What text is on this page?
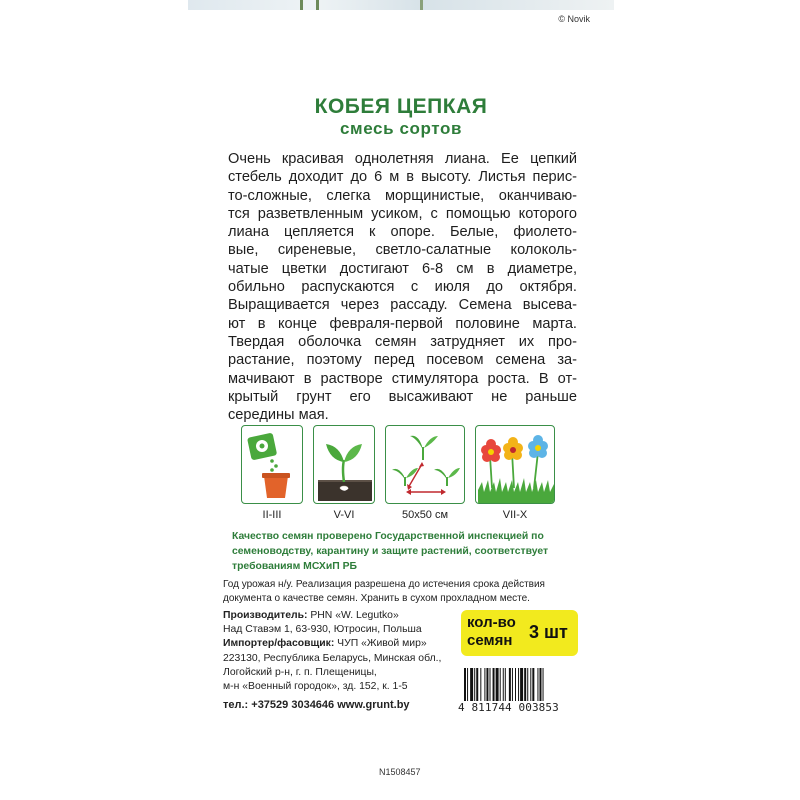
© Novik
КОБЕЯ ЦЕПКАЯ
смесь сортов
Очень красивая однолетняя лиана. Ее цепкий
стебель доходит до 6 м в высоту. Листья перис-
то-сложные, слегка морщинистые, оканчиваю-
тся разветвленным усиком, с помощью которого
лиана цепляется к опоре. Белые, фиолето-
вые, сиреневые, светло-салатные колоколь-
чатые цветки достигают 6-8 см в диаметре,
обильно распускаются с июля до октября.
Выращивается через рассаду. Семена высева-
ют в конце февраля-первой половине марта.
Твердая оболочка семян затрудняет их про-
растание, поэтому перед посевом семена за-
мачивают в растворе стимулятора роста. В от-
крытый грунт его высаживают не раньше
середины мая.
II-III	V-VI	50x50 см	VII-X
Качество семян проверено Государственной инспекцией по
семеноводству, карантину и защите растений, соответствует
требованиям МСХиП РБ
Год урожая н/у. Реализация разрешена до истечения срока действия
документа о качестве семян. Хранить в сухом прохладном месте.
Производитель: PHN «W. Legutko»
Над Ставэм 1, 63-930, Ютросин, Польша
Импортер/фасовщик: ЧУП «Живой мир»
223130, Республика Беларусь, Минская обл.,
Логойский р-н, г. п. Плещеницы,
м-н «Военный городок», зд. 152, к. 1-5
тел.: +37529 3034646 www.grunt.by
кол-во
семян 3 шт
4 811744 003853
N1508457
